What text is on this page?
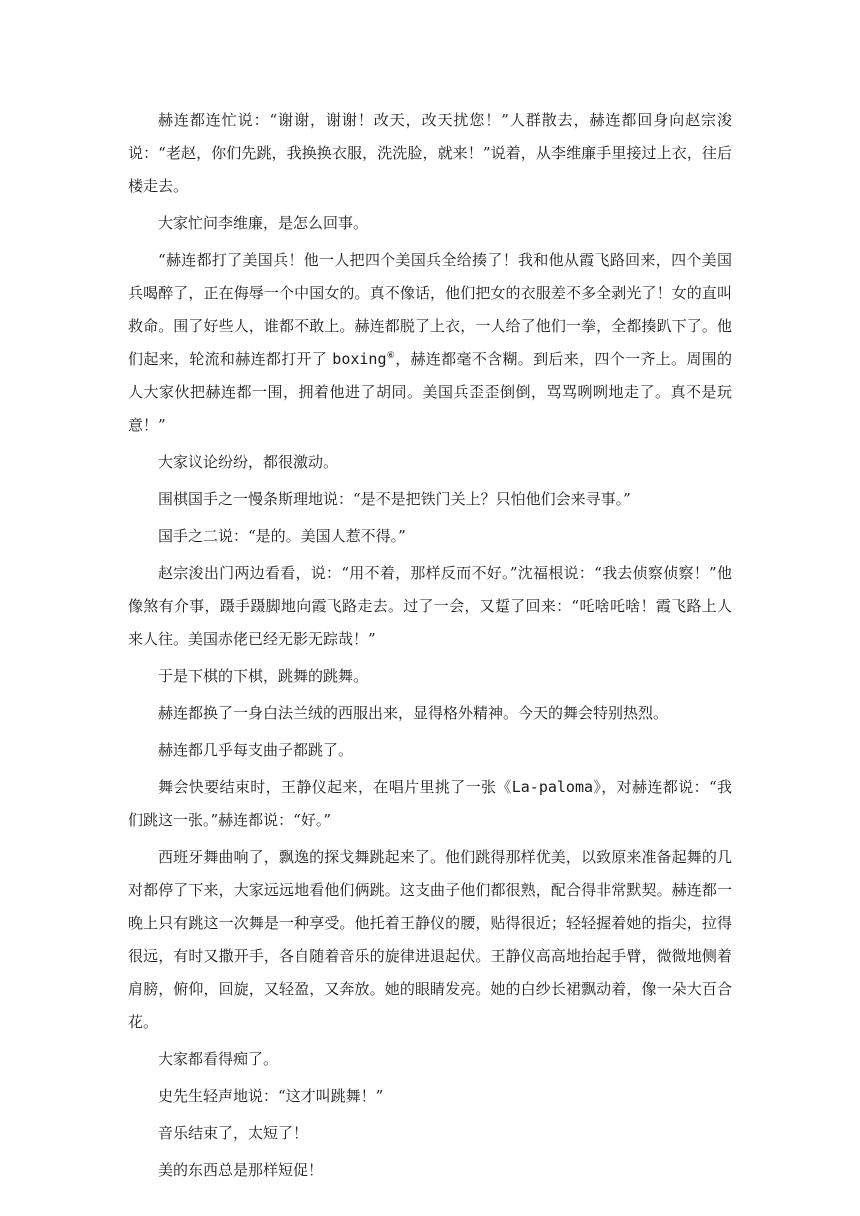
赫连都连忙说：“谢谢，谢谢！改天，改天扰您！”人群散去，赫连都回身向赵宗浚说：“老赵，你们先跳，我换换衣服，洗洗脸，就来！”说着，从李维廉手里接过上衣，往后楼走去。

大家忙问李维廉，是怎么回事。

“赫连都打了美国兵！他一人把四个美国兵全给揍了！我和他从霞飞路回来，四个美国兵喝醉了，正在侮辱一个中国女的。真不像话，他们把女的衣服差不多全剥光了！女的直叫救命。围了好些人，谁都不敢上。赫连都脱了上衣，一人给了他们一拳，全都揍趴下了。他们起来，轮流和赫连都打开了 boxing⑥，赫连都毫不含糊。到后来，四个一齐上。周围的人大家伙把赫连都一围，拥着他进了胡同。美国兵歪歪倒倒，骂骂咧咧地走了。真不是玩意！”

大家议论纷纷，都很激动。

围棋国手之一慢条斯理地说：“是不是把铁门关上？只怕他们会来寻事。”

国手之二说：“是的。美国人惹不得。”

赵宗浚出门两边看看，说：“用不着，那样反而不好。”沈福根说：“我去侦察侦察！”他像煞有介事，蹑手蹑脚地向霞飞路走去。过了一会，又踅了回来：“吒啥吒啥！霞飞路上人来人往。美国赤佬已经无影无踪哉！”

于是下棋的下棋，跳舞的跳舞。

赫连都换了一身白法兰绒的西服出来，显得格外精神。今天的舞会特别热烈。

赫连都几乎每支曲子都跳了。

舞会快要结束时，王静仪起来，在唱片里挑了一张《La-paloma》，对赫连都说：“我们跳这一张。”赫连都说：“好。”

西班牙舞曲响了，飘逸的探戈舞跳起来了。他们跳得那样优美，以致原来准备起舞的几对都停了下来，大家远远地看他们俩跳。这支曲子他们都很熟，配合得非常默契。赫连都一晚上只有跳这一次舞是一种享受。他托着王静仪的腰，贴得很近；轻轻握着她的指尖，拉得很远，有时又撒开手，各自随着音乐的旋律进退起伏。王静仪高高地抬起手臂，微微地侧着肩膀，俯仰，回旋，又轻盈，又奔放。她的眼睛发亮。她的白纱长裙飘动着，像一朵大百合花。

大家都看得痴了。

史先生轻声地说：“这才叫跳舞！”

音乐结束了，太短了！

美的东西总是那样短促！
